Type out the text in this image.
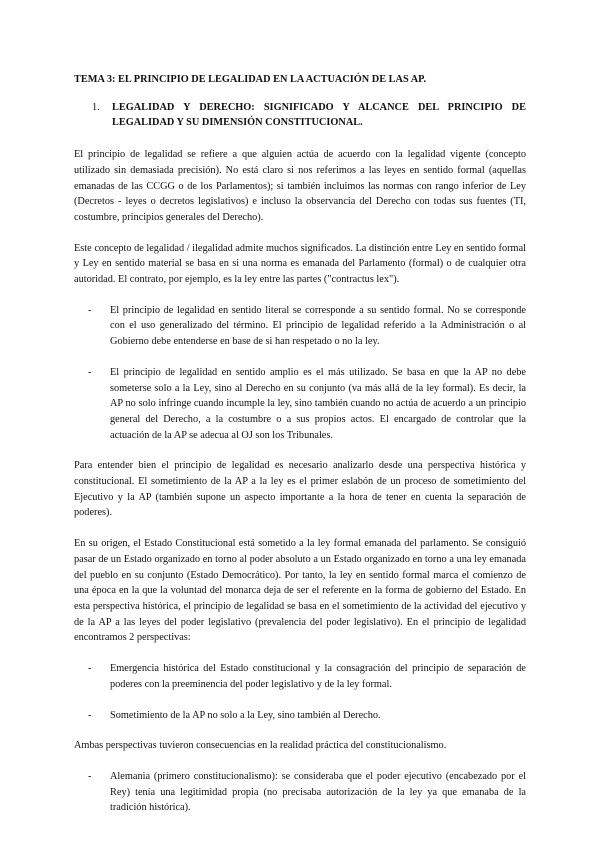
TEMA 3: EL PRINCIPIO DE LEGALIDAD EN LA ACTUACIÓN DE LAS AP.
1.	LEGALIDAD Y DERECHO: SIGNIFICADO Y ALCANCE DEL PRINCIPIO DE LEGALIDAD Y SU DIMENSIÓN CONSTITUCIONAL.

El principio de legalidad se refiere a que alguien actúa de acuerdo con la legalidad vigente (concepto utilizado sin demasiada precisión). No está claro si nos referimos a las leyes en sentido formal (aquellas emanadas de las CCGG o de los Parlamentos); si también incluimos las normas con rango inferior de Ley (Decretos - leyes o decretos legislativos) e incluso la observancia del Derecho con todas sus fuentes (TI, costumbre, principios generales del Derecho).

Este concepto de legalidad / ilegalidad admite muchos significados. La distinción entre Ley en sentido formal y Ley en sentido material se basa en si una norma es emanada del Parlamento (formal) o de cualquier otra autoridad. El contrato, por ejemplo, es la ley entre las partes ("contractus lex").

-	El principio de legalidad en sentido literal se corresponde a su sentido formal. No se corresponde con el uso generalizado del término. El principio de legalidad referido a la Administración o al Gobierno debe entenderse en base de si han respetado o no la ley.
-	El principio de legalidad en sentido amplio es el más utilizado. Se basa en que la AP no debe someterse solo a la Ley, sino al Derecho en su conjunto (va más allá de la ley formal). Es decir, la AP no solo infringe cuando incumple la ley, sino también cuando no actúa de acuerdo a un principio general del Derecho, a la costumbre o a sus propios actos. El encargado de controlar que la actuación de la AP se adecua al OJ son los Tribunales.

Para entender bien el principio de legalidad es necesario analizarlo desde una perspectiva histórica y constitucional. El sometimiento de la AP a la ley es el primer eslabón de un proceso de sometimiento del Ejecutivo y la AP (también supone un aspecto importante a la hora de tener en cuenta la separación de poderes).

En su origen, el Estado Constitucional está sometido a la ley formal emanada del parlamento. Se consiguió pasar de un Estado organizado en torno al poder absoluto a un Estado organizado en torno a una ley emanada del pueblo en su conjunto (Estado Democrático). Por tanto, la ley en sentido formal marca el comienzo de una época en la que la voluntad del monarca deja de ser el referente en la forma de gobierno del Estado. En esta perspectiva histórica, el principio de legalidad se basa en el sometimiento de la actividad del ejecutivo y de la AP a las leyes del poder legislativo (prevalencia del poder legislativo). En el principio de legalidad encontramos 2 perspectivas:

-	Emergencia histórica del Estado constitucional y la consagración del principio de separación de poderes con la preeminencia del poder legislativo y de la ley formal.
-	Sometimiento de la AP no solo a la Ley, sino también al Derecho.

Ambas perspectivas tuvieron consecuencias en la realidad práctica del constitucionalismo.

-	Alemania (primero constitucionalismo): se consideraba que el poder ejecutivo (encabezado por el Rey) tenía una legitimidad propia (no precisaba autorización de la ley ya que emanaba de la tradición histórica).
